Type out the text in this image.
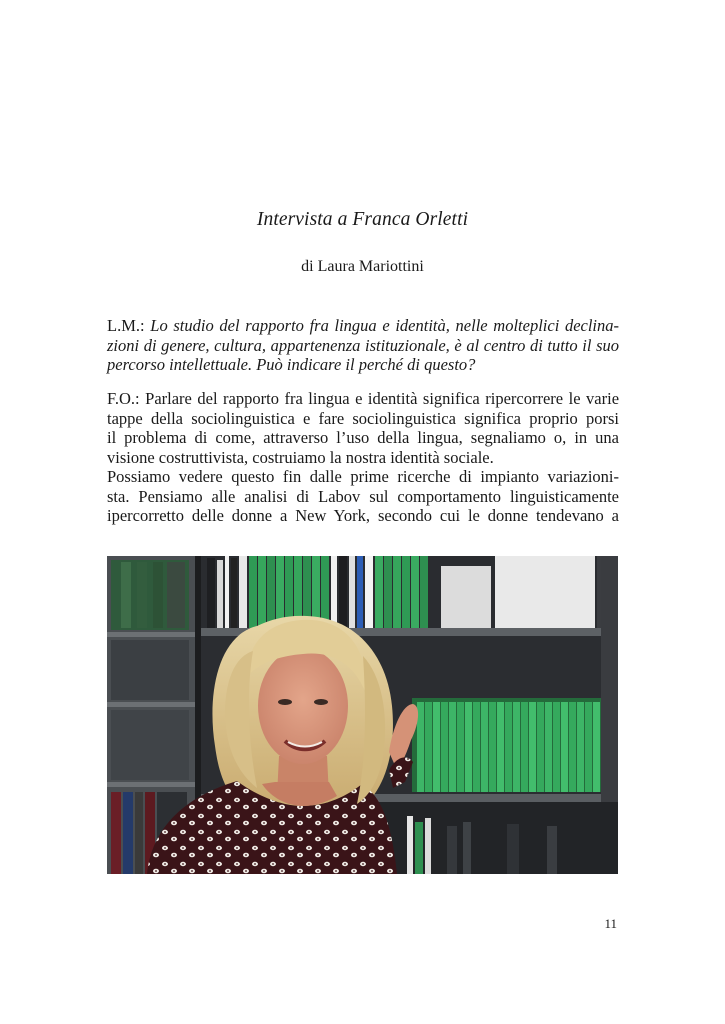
Intervista a Franca Orletti
di Laura Mariottini
L.M.: Lo studio del rapporto fra lingua e identità, nelle molteplici declina-
zioni di genere, cultura, appartenenza istituzionale, è al centro di tutto il suo
percorso intellettuale. Può indicare il perché di questo?
F.O.: Parlare del rapporto fra lingua e identità significa ripercorrere le varie
tappe della sociolinguistica e fare sociolinguistica significa proprio porsi
il problema di come, attraverso l’uso della lingua, segnaliamo o, in una
visione costruttivista, costruiamo la nostra identità sociale.
Possiamo vedere questo fin dalle prime ricerche di impianto variazioni-
sta. Pensiamo alle analisi di Labov sul comportamento linguisticamente
ipercorretto delle donne a New York, secondo cui le donne tendevano a
11
